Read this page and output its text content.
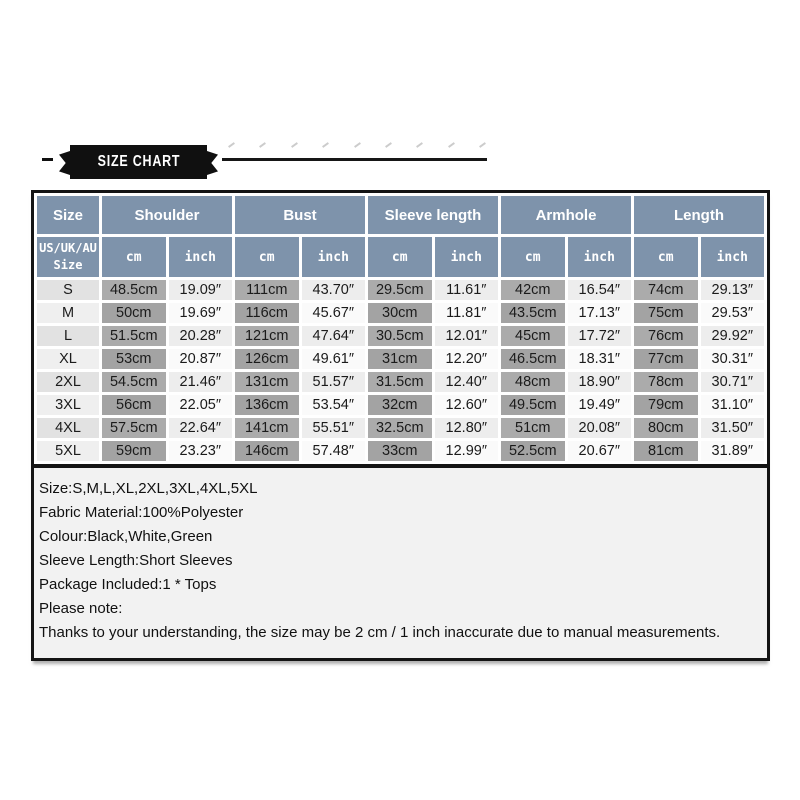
SIZE CHART
Size	Shoulder		Bust		Sleeve length		Armhole		Length	
US/UK/AU
Size	cm	inch	cm	inch	cm	inch	cm	inch	cm	inch
S	48.5cm	19.09″	111cm	43.70″	29.5cm	11.61″	42cm	16.54″	74cm	29.13″
M	50cm	19.69″	116cm	45.67″	30cm	11.81″	43.5cm	17.13″	75cm	29.53″
L	51.5cm	20.28″	121cm	47.64″	30.5cm	12.01″	45cm	17.72″	76cm	29.92″
XL	53cm	20.87″	126cm	49.61″	31cm	12.20″	46.5cm	18.31″	77cm	30.31″
2XL	54.5cm	21.46″	131cm	51.57″	31.5cm	12.40″	48cm	18.90″	78cm	30.71″
3XL	56cm	22.05″	136cm	53.54″	32cm	12.60″	49.5cm	19.49″	79cm	31.10″
4XL	57.5cm	22.64″	141cm	55.51″	32.5cm	12.80″	51cm	20.08″	80cm	31.50″
5XL	59cm	23.23″	146cm	57.48″	33cm	12.99″	52.5cm	20.67″	81cm	31.89″

Size:S,M,L,XL,2XL,3XL,4XL,5XL

Fabric Material:100%Polyester

Colour:Black,White,Green

Sleeve Length:Short Sleeves

Package Included:1 * Tops

Please note:

Thanks to your understanding, the size may be 2 cm / 1 inch inaccurate due to manual measurements.
